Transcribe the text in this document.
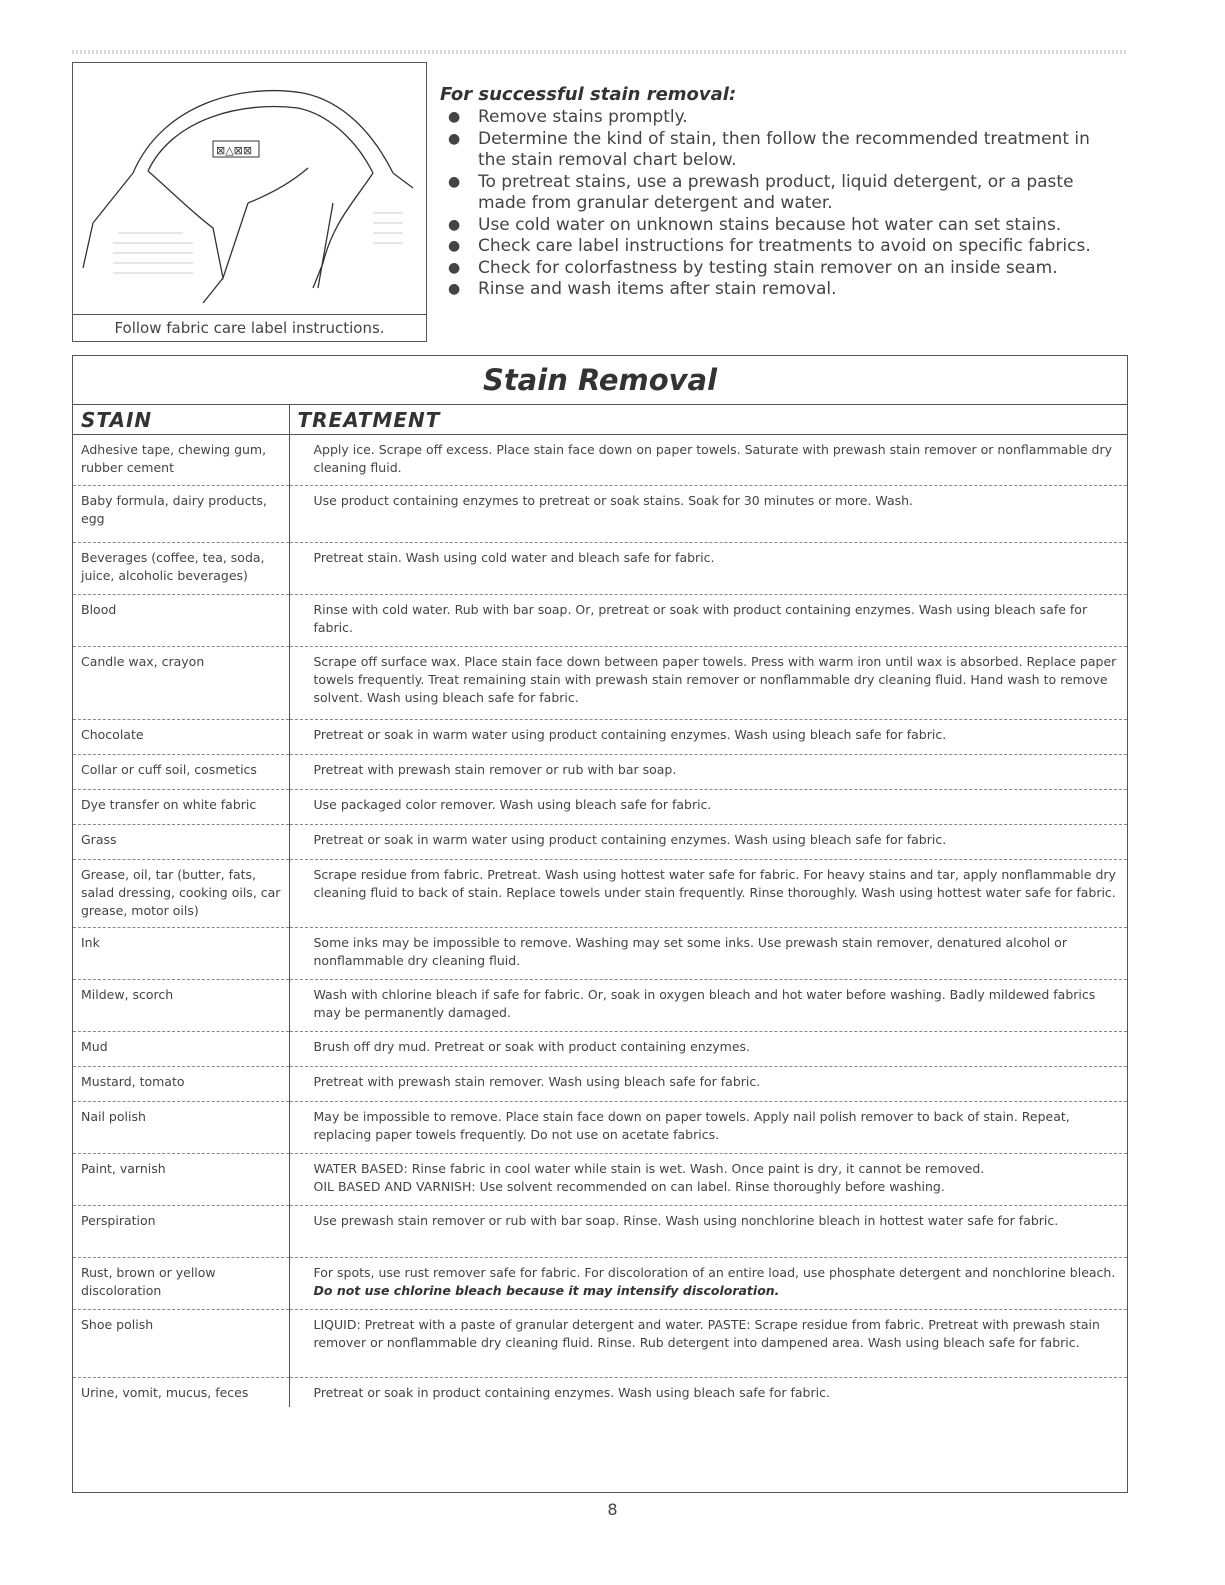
⊠△⊠⊠
Follow fabric care label instructions.
For successful stain removal:
● Remove stains promptly.
● Determine the kind of stain, then follow the recommended treatment in the stain removal chart below.
● To pretreat stains, use a prewash product, liquid detergent, or a paste made from granular detergent and water.
● Use cold water on unknown stains because hot water can set stains.
● Check care label instructions for treatments to avoid on specific fabrics.
● Check for colorfastness by testing stain remover on an inside seam.
● Rinse and wash items after stain removal.
Stain Removal
STAIN	TREATMENT
Adhesive tape, chewing gum, rubber cement	Apply ice. Scrape off excess. Place stain face down on paper towels. Saturate with prewash stain remover or nonflammable dry cleaning fluid.
Baby formula, dairy products, egg	Use product containing enzymes to pretreat or soak stains. Soak for 30 minutes or more. Wash.
Beverages (coffee, tea, soda, juice, alcoholic beverages)	Pretreat stain. Wash using cold water and bleach safe for fabric.
Blood	Rinse with cold water. Rub with bar soap. Or, pretreat or soak with product containing enzymes. Wash using bleach safe for fabric.
Candle wax, crayon	Scrape off surface wax. Place stain face down between paper towels. Press with warm iron until wax is absorbed. Replace paper towels frequently. Treat remaining stain with prewash stain remover or nonflammable dry cleaning fluid. Hand wash to remove solvent. Wash using bleach safe for fabric.
Chocolate	Pretreat or soak in warm water using product containing enzymes. Wash using bleach safe for fabric.
Collar or cuff soil, cosmetics	Pretreat with prewash stain remover or rub with bar soap.
Dye transfer on white fabric	Use packaged color remover. Wash using bleach safe for fabric.
Grass	Pretreat or soak in warm water using product containing enzymes. Wash using bleach safe for fabric.
Grease, oil, tar (butter, fats, salad dressing, cooking oils, car grease, motor oils)	Scrape residue from fabric. Pretreat. Wash using hottest water safe for fabric. For heavy stains and tar, apply nonflammable dry cleaning fluid to back of stain. Replace towels under stain frequently. Rinse thoroughly. Wash using hottest water safe for fabric.
Ink	Some inks may be impossible to remove. Washing may set some inks. Use prewash stain remover, denatured alcohol or nonflammable dry cleaning fluid.
Mildew, scorch	Wash with chlorine bleach if safe for fabric. Or, soak in oxygen bleach and hot water before washing. Badly mildewed fabrics may be permanently damaged.
Mud	Brush off dry mud. Pretreat or soak with product containing enzymes.
Mustard, tomato	Pretreat with prewash stain remover. Wash using bleach safe for fabric.
Nail polish	May be impossible to remove. Place stain face down on paper towels. Apply nail polish remover to back of stain. Repeat, replacing paper towels frequently. Do not use on acetate fabrics.
Paint, varnish	WATER BASED: Rinse fabric in cool water while stain is wet. Wash. Once paint is dry, it cannot be removed.
OIL BASED AND VARNISH: Use solvent recommended on can label. Rinse thoroughly before washing.
Perspiration	Use prewash stain remover or rub with bar soap. Rinse. Wash using nonchlorine bleach in hottest water safe for fabric.
Rust, brown or yellow discoloration	For spots, use rust remover safe for fabric. For discoloration of an entire load, use phosphate detergent and nonchlorine bleach. Do not use chlorine bleach because it may intensify discoloration.
Shoe polish	LIQUID: Pretreat with a paste of granular detergent and water. PASTE: Scrape residue from fabric. Pretreat with prewash stain remover or nonflammable dry cleaning fluid. Rinse. Rub detergent into dampened area. Wash using bleach safe for fabric.
Urine, vomit, mucus, feces	Pretreat or soak in product containing enzymes. Wash using bleach safe for fabric.
8
